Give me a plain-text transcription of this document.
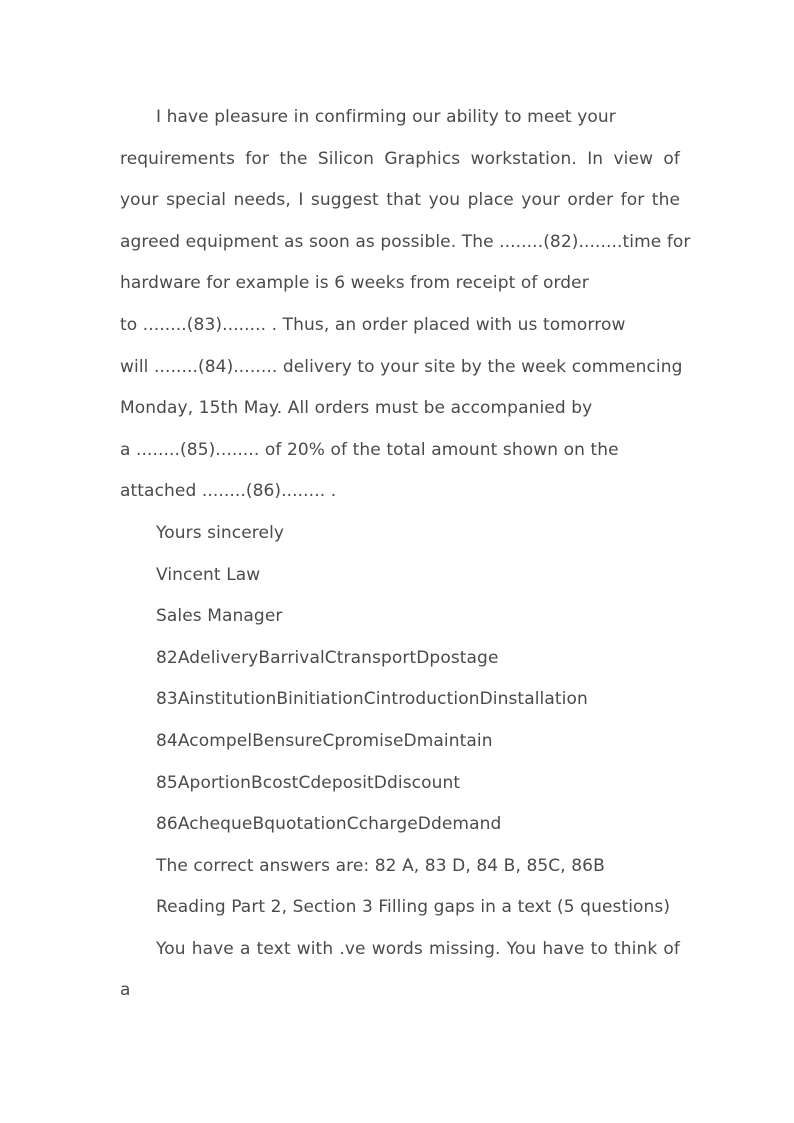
I have pleasure in confirming our ability to meet your
requirements for the Silicon Graphics workstation. In view of
your special needs, I suggest that you place your order for the
agreed equipment as soon as possible. The ........(82)........time for
hardware for example is 6 weeks from receipt of order
to ........(83)........ . Thus, an order placed with us tomorrow
will ........(84)........ delivery to your site by the week commencing
Monday, 15th May. All orders must be accompanied by
a ........(85)........ of 20% of the total amount shown on the
attached ........(86)........ .
Yours sincerely
Vincent Law
Sales Manager
82AdeliveryBarrivalCtransportDpostage
83AinstitutionBinitiationCintroductionDinstallation
84AcompelBensureCpromiseDmaintain
85AportionBcostCdepositDdiscount
86AchequeBquotationCchargeDdemand
The correct answers are: 82 A, 83 D, 84 B, 85C, 86B
Reading Part 2, Section 3 Filling gaps in a text (5 questions)
You have a text with .ve words missing. You have to think of
a
